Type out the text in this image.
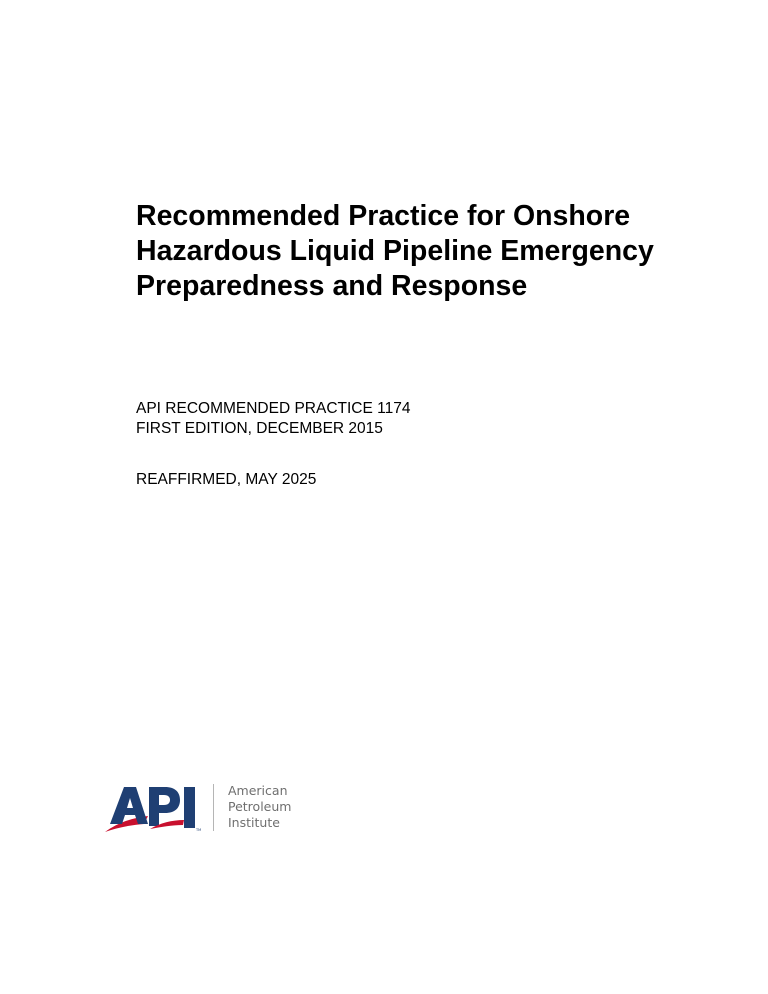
Recommended Practice for Onshore
Hazardous Liquid Pipeline Emergency
Preparedness and Response
API RECOMMENDED PRACTICE 1174
FIRST EDITION, DECEMBER 2015
REAFFIRMED, MAY 2025
TM
American
Petroleum
Institute
